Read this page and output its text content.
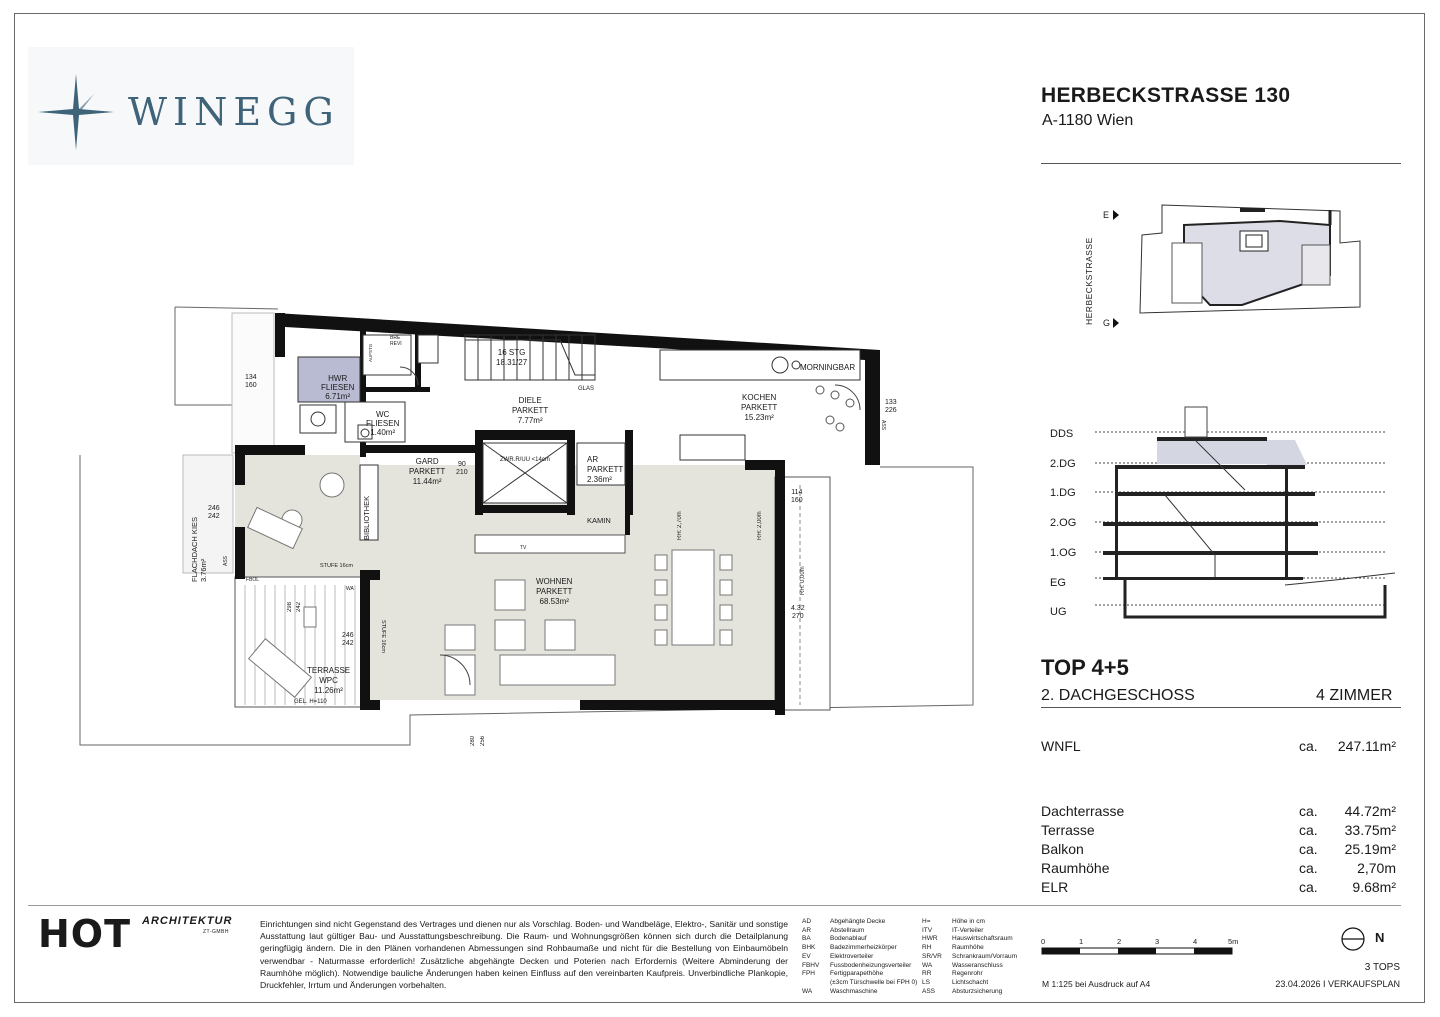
WINEGG	HERBECKSTRASSE 130
A-1180 Wien
E
G
HERBECKSTRASSE
DDS
2.DG
1.DG
2.OG
1.OG
EG
UG
TOP 4+5
2. DACHGESCHOSS	4 ZIMMER
WNFL	ca. 247.11m²
Dachterrasse	ca. 44.72m²
Terrasse	ca. 33.75m²
Balkon	ca. 25.19m²
Raumhöhe	ca.	2,70m
ELR	ca. 9.68m²
HWR
FLIESEN
6.71m²
WC
FLIESEN
1.40m²
16 STG
18.31/27
GLAS
DIELE
PARKETT
7.77m²
KOCHEN
PARKETT
15.23m²
MORNINGBAR
GARD
PARKETT
11.44m²
AR
PARKETT
2.36m²
ZWR.R/UU <14cm
BIBLIOTHEK	KAMIN
TV
WOHNEN
PARKETT
68.53m²
FLACHDACH KIES 3.76m²
TERRASSE
WPC
11.26m²
GEL. H=110
STUFE 16cm
STUFE 16cm
RH: 2,70m	RH: 2,00m
RH: 0,00m
134
160
133
226
90
210
246
242
114
160
298 242
246
242
4.32
270
280 256
ASS
ASS
WA
FBOL
BRE
REVI
AUFSTG
HOT ARCHITEKTUR
ZT-GMBH
Einrichtungen sind nicht Gegenstand des Vertrages und dienen nur als Vorschlag. Boden- und Wandbeläge, Elektro-, Sanitär und sonstige Ausstattung laut gültiger Bau- und Ausstattungsbeschreibung. Die Raum- und Wohnungsgrößen können sich durch die Detailplanung geringfügig ändern. Die in den Plänen vorhandenen Abmessungen sind Rohbaumaße und nicht für die Bestellung von Einbaumöbeln verwendbar - Naturmasse erforderlich! Zusätzliche abgehängte Decken und Poterien nach Erfordernis (Weitere Abminderung der Raumhöhe möglich). Notwendige bauliche Änderungen haben keinen Einfluss auf den vereinbarten Kaufpreis. Unverbindliche Plankopie, Druckfehler, Irrtum und Änderungen vorbehalten.
AD	Abgehängte Decke
AR	Abstellraum
BA	Bodenablauf
BHK Badezimmerheizkörper
EV	Elektroverteiler
FBHV Fussbodenheizungsverteiler
FPH Fertigparapethöhe
(±3cm Türschwelle bei FPH 0)
WA	Waschmaschine
H=	Höhe in cm
ITV	IT-Verteiler
HWR Hauswirtschaftsraum
RH	Raumhöhe
SR/VR Schrankraum/Vorraum
WA	Wasseranschluss
RR	Regenrohr
LS	Lichtschacht
ASS	Absturzsicherung
0	1	2	3	4	5m
M 1:125 bei Ausdruck auf A4
N
3 TOPS
23.04.2026 I VERKAUFSPLAN
